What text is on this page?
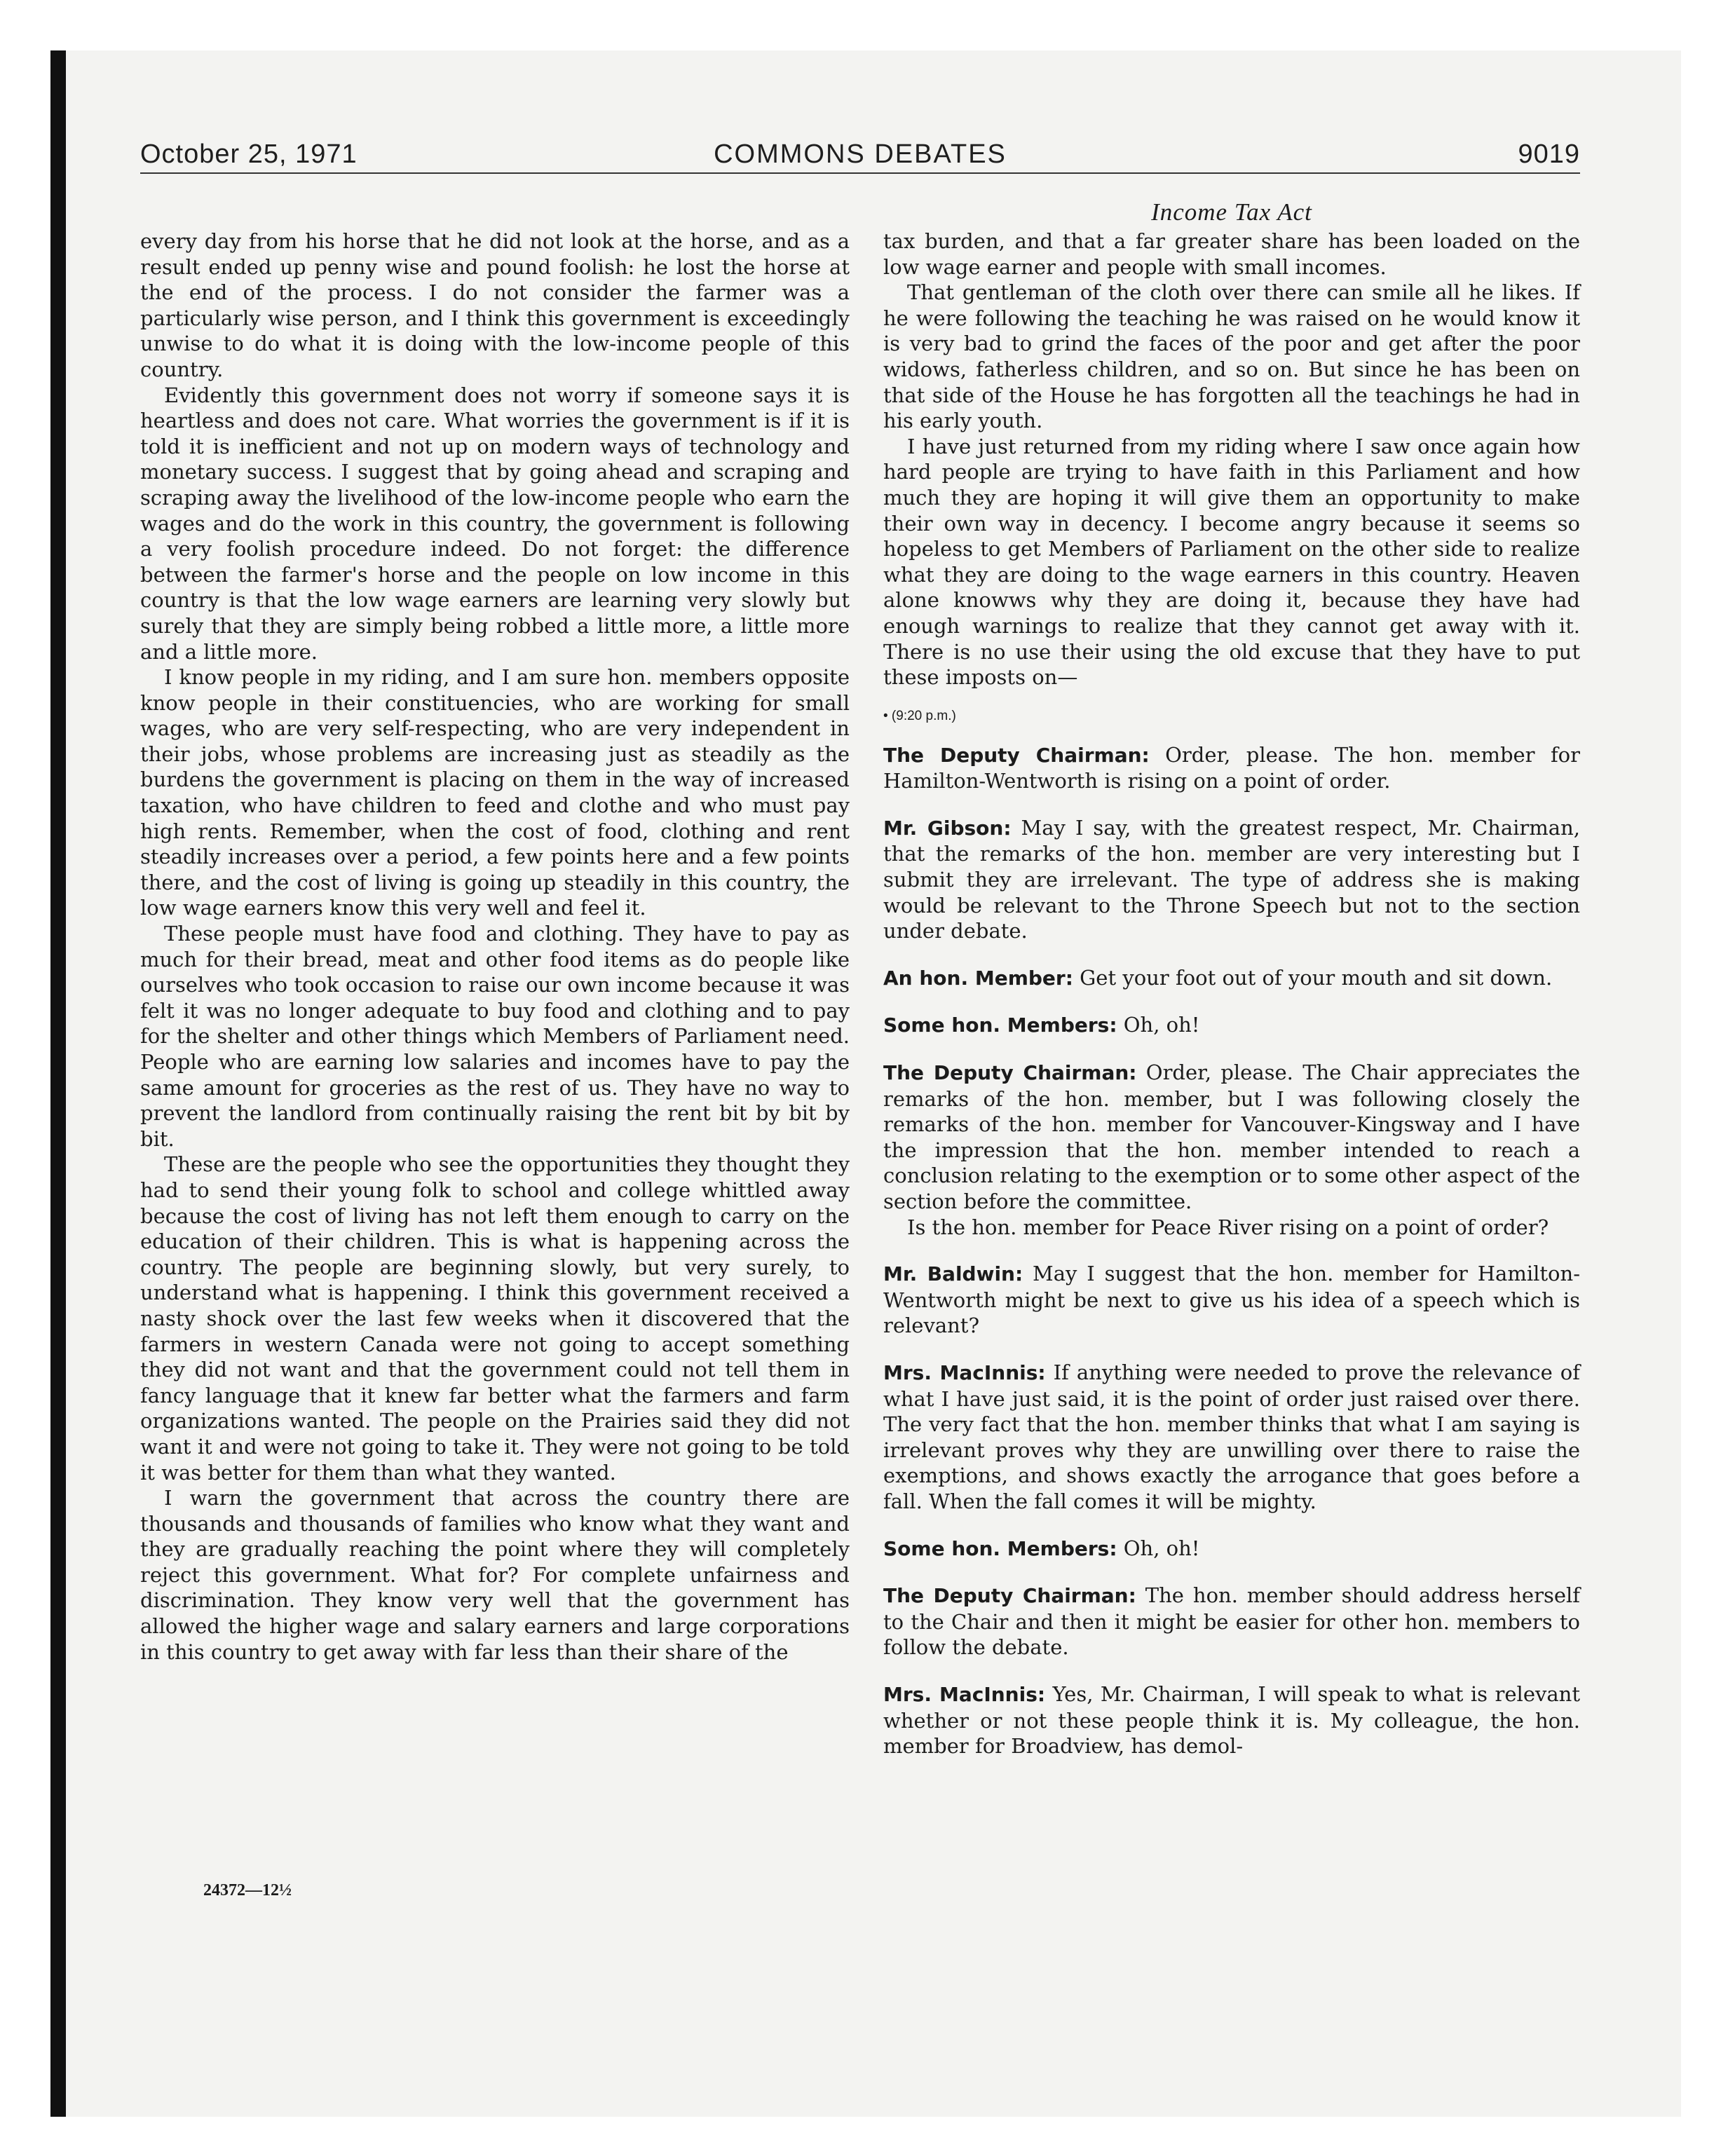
October 25, 1971	COMMONS DEBATES	9019
Income Tax Act

every day from his horse that he did not look at the horse, and as a result ended up penny wise and pound foolish: he lost the horse at the end of the process. I do not consider the farmer was a particularly wise person, and I think this government is exceedingly unwise to do what it is doing with the low-income people of this country.

Evidently this government does not worry if someone says it is heartless and does not care. What worries the government is if it is told it is inefficient and not up on modern ways of technology and monetary success. I suggest that by going ahead and scraping and scraping away the livelihood of the low-income people who earn the wages and do the work in this country, the government is following a very foolish procedure indeed. Do not forget: the difference between the farmer's horse and the people on low income in this country is that the low wage earners are learning very slowly but surely that they are simply being robbed a little more, a little more and a little more.

I know people in my riding, and I am sure hon. members opposite know people in their constituencies, who are working for small wages, who are very self-respecting, who are very independent in their jobs, whose problems are increasing just as steadily as the burdens the government is placing on them in the way of increased taxation, who have children to feed and clothe and who must pay high rents. Remember, when the cost of food, clothing and rent steadily increases over a period, a few points here and a few points there, and the cost of living is going up steadily in this country, the low wage earners know this very well and feel it.

These people must have food and clothing. They have to pay as much for their bread, meat and other food items as do people like ourselves who took occasion to raise our own income because it was felt it was no longer adequate to buy food and clothing and to pay for the shelter and other things which Members of Parliament need. People who are earning low salaries and incomes have to pay the same amount for groceries as the rest of us. They have no way to prevent the landlord from continually raising the rent bit by bit by bit.

These are the people who see the opportunities they thought they had to send their young folk to school and college whittled away because the cost of living has not left them enough to carry on the education of their children. This is what is happening across the country. The people are beginning slowly, but very surely, to understand what is happening. I think this government received a nasty shock over the last few weeks when it discovered that the farmers in western Canada were not going to accept something they did not want and that the government could not tell them in fancy language that it knew far better what the farmers and farm organizations wanted. The people on the Prairies said they did not want it and were not going to take it. They were not going to be told it was better for them than what they wanted.

I warn the government that across the country there are thousands and thousands of families who know what they want and they are gradually reaching the point where they will completely reject this government. What for? For complete unfairness and discrimination. They know very well that the government has allowed the higher wage and salary earners and large corporations in this country to get away with far less than their share of the

tax burden, and that a far greater share has been loaded on the low wage earner and people with small incomes.

That gentleman of the cloth over there can smile all he likes. If he were following the teaching he was raised on he would know it is very bad to grind the faces of the poor and get after the poor widows, fatherless children, and so on. But since he has been on that side of the House he has forgotten all the teachings he had in his early youth.

I have just returned from my riding where I saw once again how hard people are trying to have faith in this Parliament and how much they are hoping it will give them an opportunity to make their own way in decency. I become angry because it seems so hopeless to get Members of Parliament on the other side to realize what they are doing to the wage earners in this country. Heaven alone knowws why they are doing it, because they have had enough warnings to realize that they cannot get away with it. There is no use their using the old excuse that they have to put these imposts on—

• (9:20 p.m.)

The Deputy Chairman: Order, please. The hon. member for Hamilton-Wentworth is rising on a point of order.

Mr. Gibson: May I say, with the greatest respect, Mr. Chairman, that the remarks of the hon. member are very interesting but I submit they are irrelevant. The type of address she is making would be relevant to the Throne Speech but not to the section under debate.

An hon. Member: Get your foot out of your mouth and sit down.

Some hon. Members: Oh, oh!

The Deputy Chairman: Order, please. The Chair appreciates the remarks of the hon. member, but I was following closely the remarks of the hon. member for Vancouver-Kingsway and I have the impression that the hon. member intended to reach a conclusion relating to the exemption or to some other aspect of the section before the committee.

Is the hon. member for Peace River rising on a point of order?

Mr. Baldwin: May I suggest that the hon. member for Hamilton-Wentworth might be next to give us his idea of a speech which is relevant?

Mrs. MacInnis: If anything were needed to prove the relevance of what I have just said, it is the point of order just raised over there. The very fact that the hon. member thinks that what I am saying is irrelevant proves why they are unwilling over there to raise the exemptions, and shows exactly the arrogance that goes before a fall. When the fall comes it will be mighty.

Some hon. Members: Oh, oh!

The Deputy Chairman: The hon. member should address herself to the Chair and then it might be easier for other hon. members to follow the debate.

Mrs. MacInnis: Yes, Mr. Chairman, I will speak to what is relevant whether or not these people think it is. My colleague, the hon. member for Broadview, has demol-

24372—12½
